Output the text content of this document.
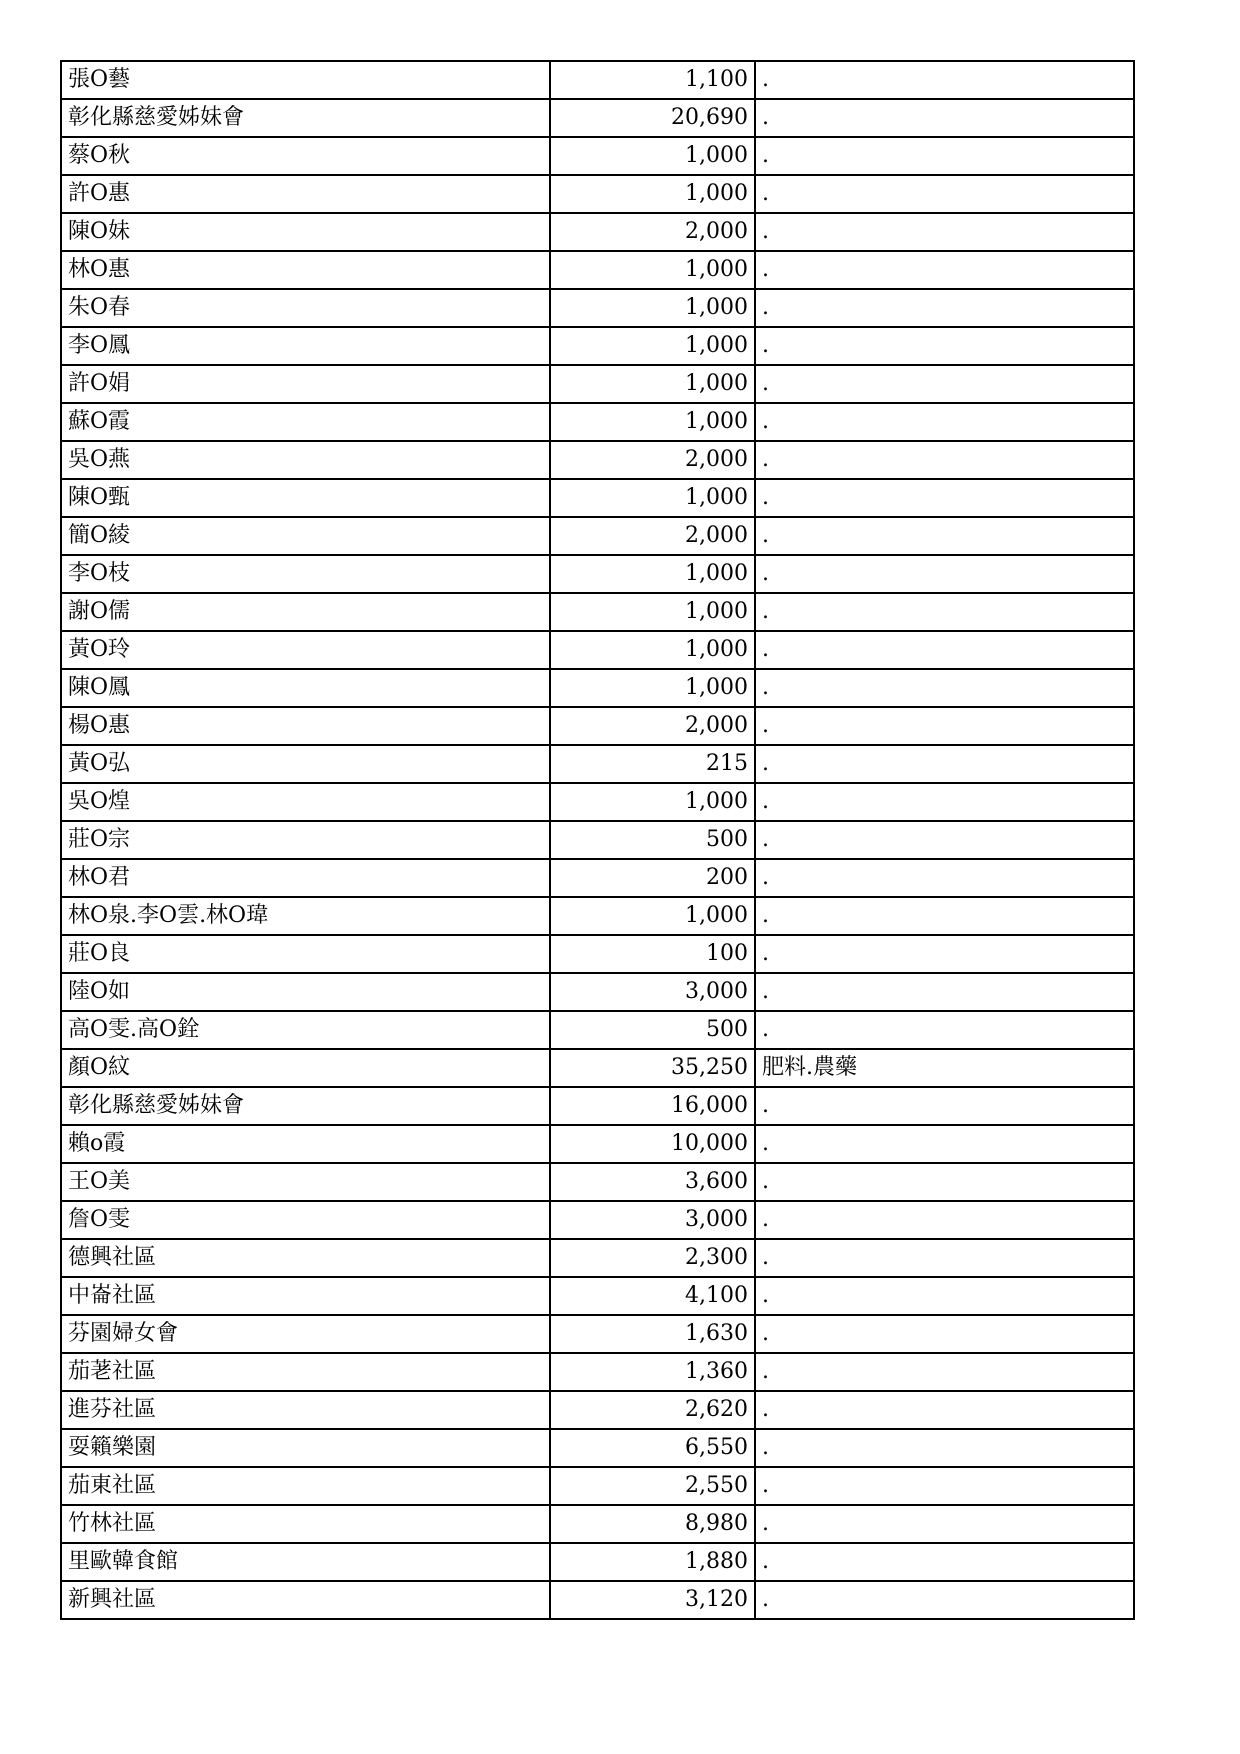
張O藝	1,100	.
彰化縣慈愛姊妹會	20,690	.
蔡O秋	1,000	.
許O惠	1,000	.
陳O妹	2,000	.
林O惠	1,000	.
朱O春	1,000	.
李O鳳	1,000	.
許O娟	1,000	.
蘇O霞	1,000	.
吳O燕	2,000	.
陳O甄	1,000	.
簡O綾	2,000	.
李O枝	1,000	.
謝O儒	1,000	.
黃O玲	1,000	.
陳O鳳	1,000	.
楊O惠	2,000	.
黃O弘	215	.
吳O煌	1,000	.
莊O宗	500	.
林O君	200	.
林O泉.李O雲.林O瑋	1,000	.
莊O良	100	.
陸O如	3,000	.
高O雯.高O銓	500	.
顏O紋	35,250	肥料.農藥
彰化縣慈愛姊妹會	16,000	.
賴o霞	10,000	.
王O美	3,600	.
詹O雯	3,000	.
德興社區	2,300	.
中崙社區	4,100	.
芬園婦女會	1,630	.
茄荖社區	1,360	.
進芬社區	2,620	.
耍籟樂園	6,550	.
茄東社區	2,550	.
竹林社區	8,980	.
里歐韓食館	1,880	.
新興社區	3,120	.
